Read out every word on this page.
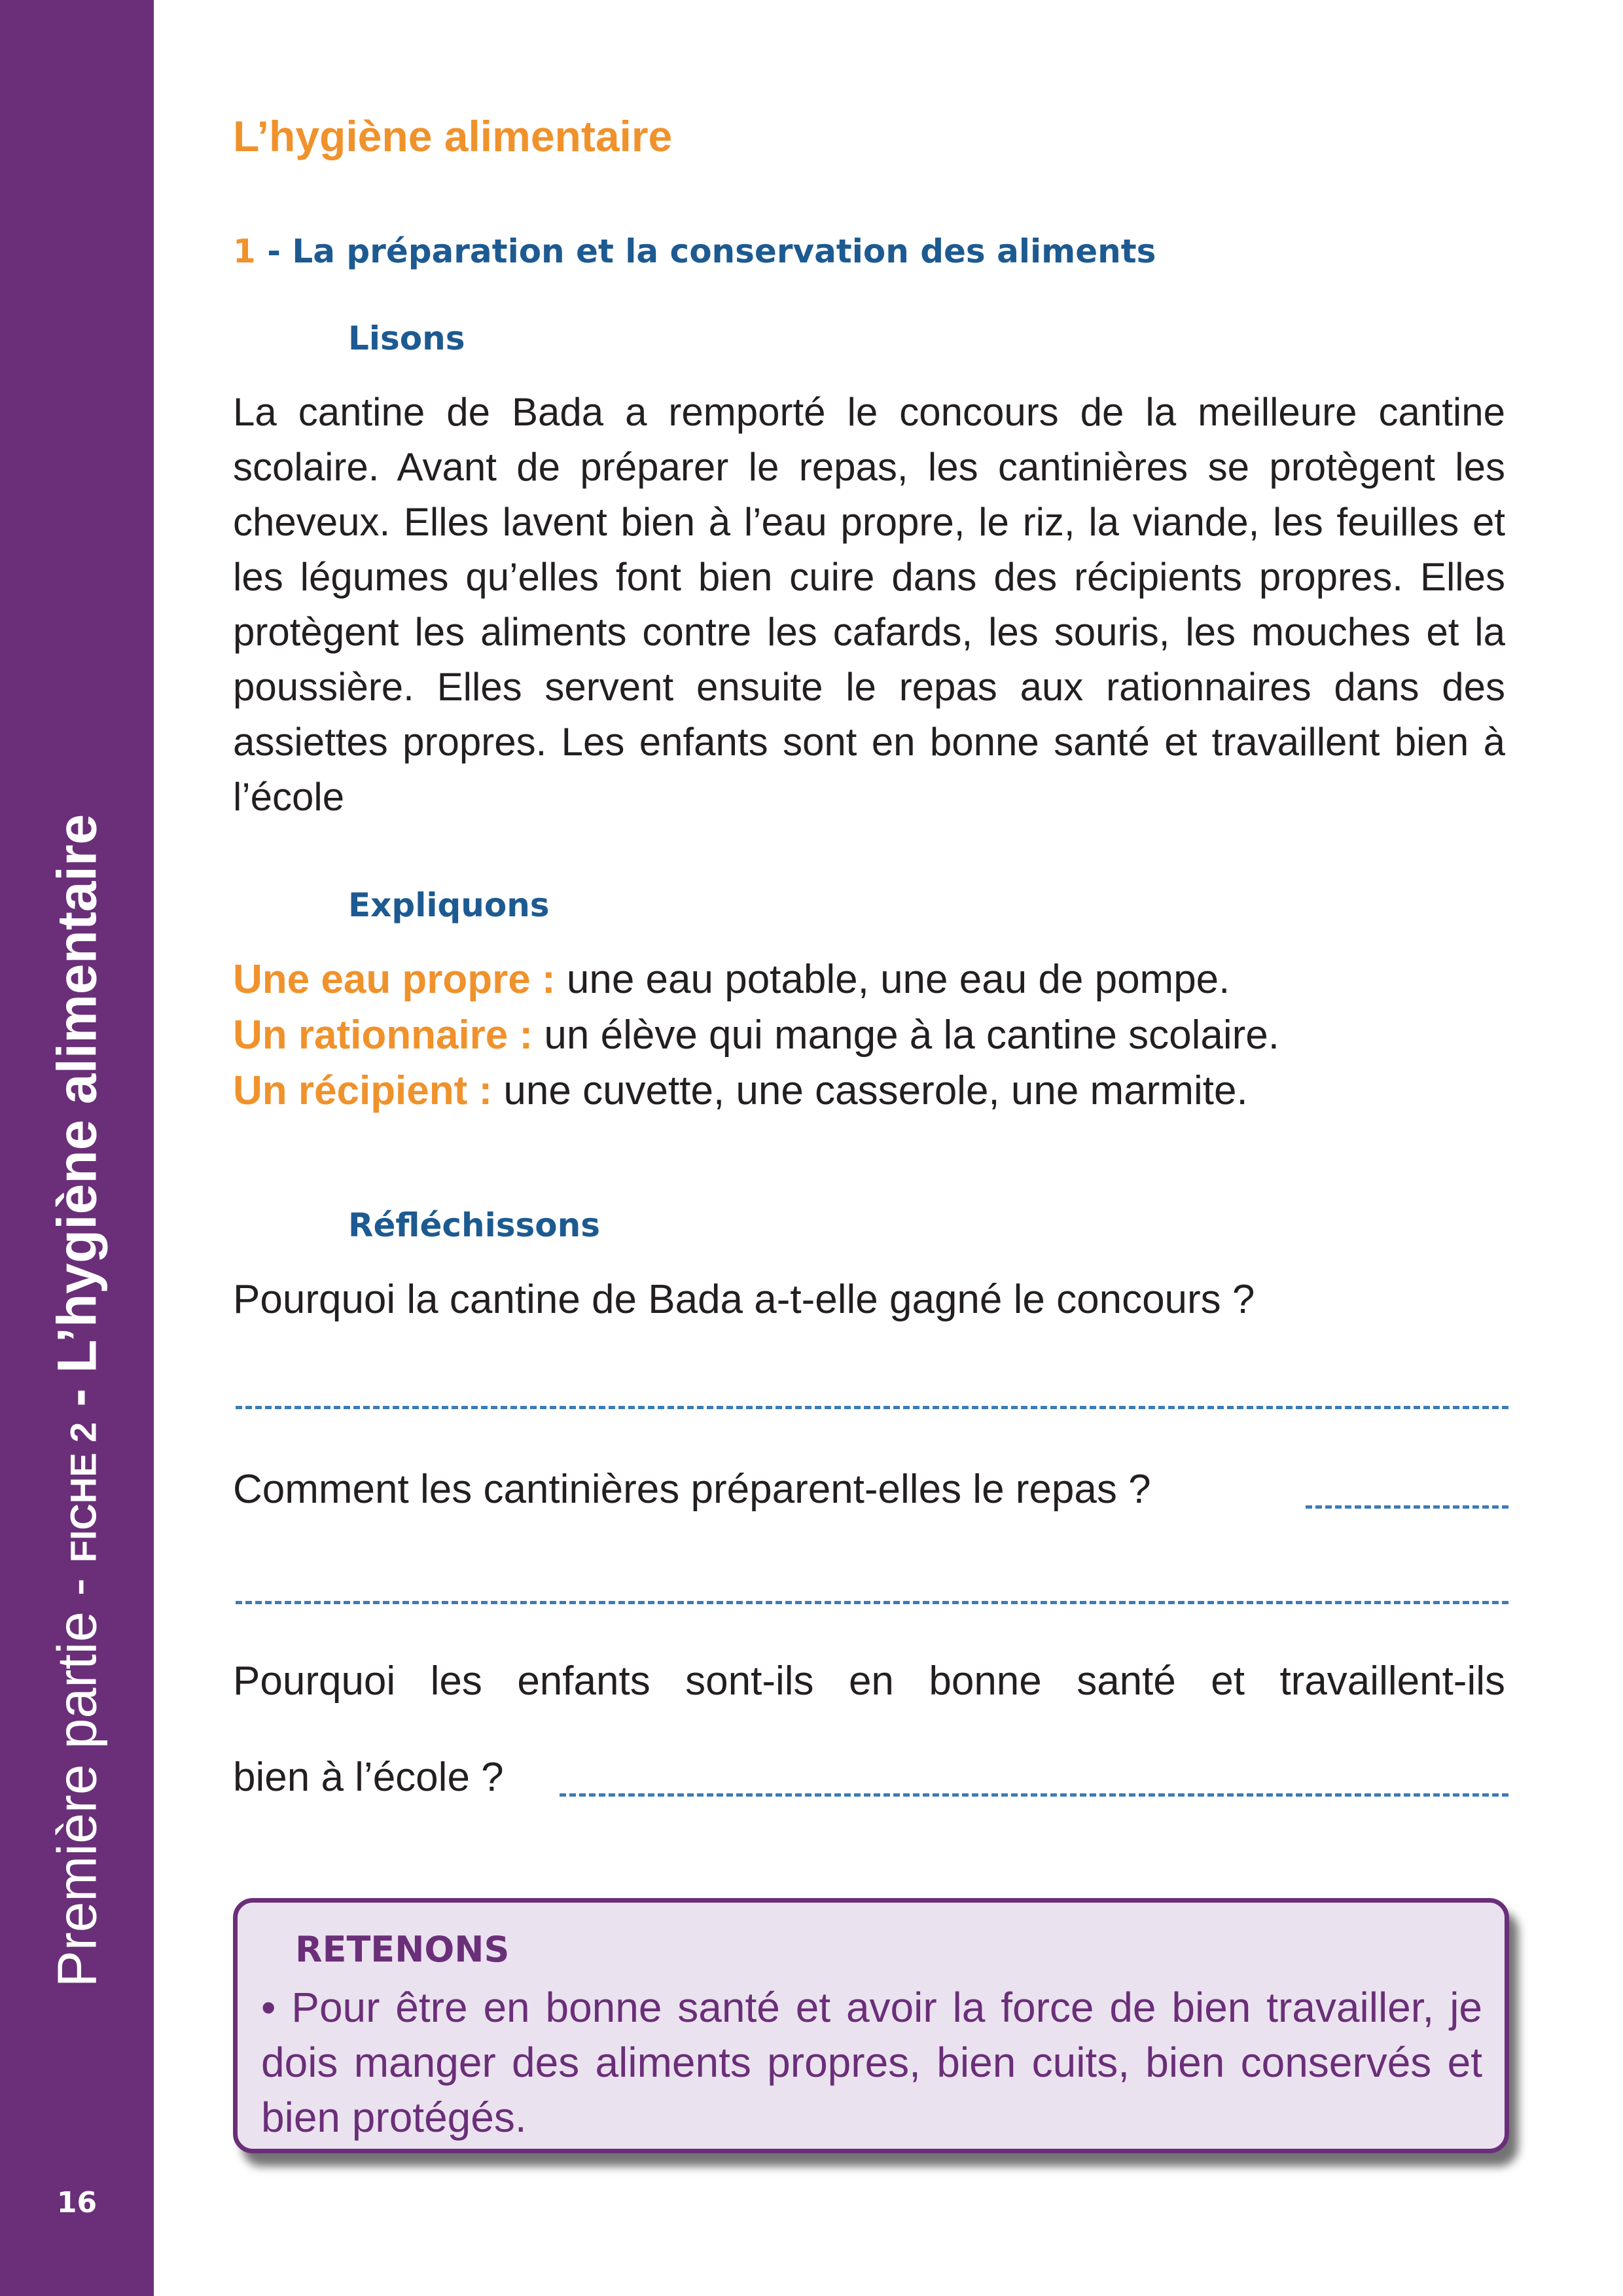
Première partie - FICHE 2 - L’hygiène alimentaire
16
L’hygiène alimentaire
1 - La préparation et la conservation des aliments
Lisons

La cantine de Bada a remporté le concours de la meilleure cantine scolaire. Avant de préparer le repas, les cantinières se protègent les cheveux. Elles lavent bien à l’eau propre, le riz, la viande, les feuilles et les légumes qu’elles font bien cuire dans des récipients propres. Elles protègent les aliments contre les cafards, les souris, les mouches et la poussière. Elles servent ensuite le repas aux rationnaires dans des assiettes propres. Les enfants sont en bonne santé et travaillent bien à l’école

Expliquons

Une eau propre : une eau potable, une eau de pompe.

Un rationnaire : un élève qui mange à la cantine scolaire.

Un récipient : une cuvette, une casserole, une marmite.

Réfléchissons

Pourquoi la cantine de Bada a-t-elle gagné le concours ?

Comment les cantinières préparent-elles le repas ?

Pourquoi les enfants sont-ils en bonne santé et travaillent-ils

bien à l’école ?

RETENONS

• Pour être en bonne santé et avoir la force de bien travailler, je dois manger des aliments propres, bien cuits, bien conservés et bien protégés.
